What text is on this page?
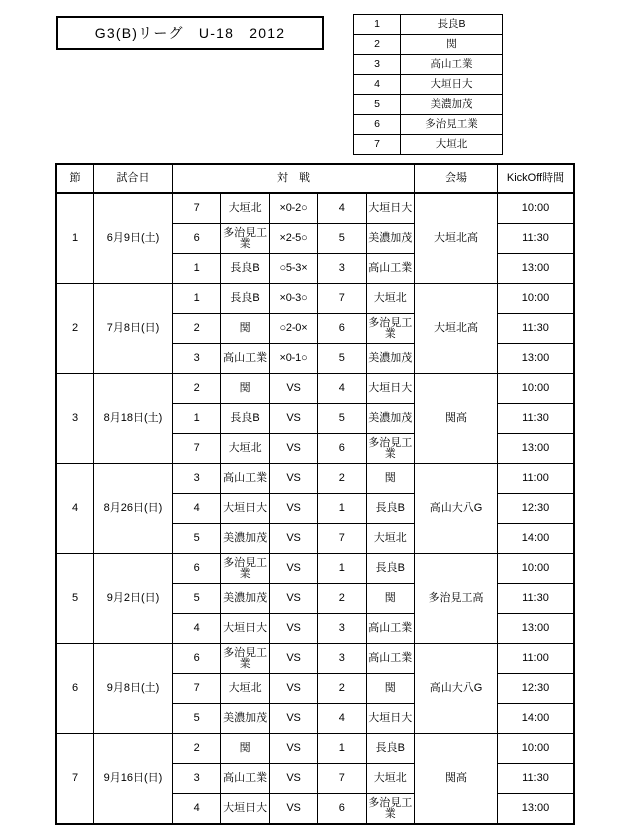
G3(B)リーグ　U-18　2012
1	長良B
2	関
3	高山工業
4	大垣日大
5	美濃加茂
6	多治見工業
7	大垣北
節	試合日	対　戦					会場	KickOff時間
1	6月9日(土)	7	大垣北	×0-2○	4	大垣日大	大垣北高	10:00
		6	多治見工業	×2-5○	5	美濃加茂		11:30
		1	長良B	○5-3×	3	高山工業		13:00
2	7月8日(日)	1	長良B	×0-3○	7	大垣北	大垣北高	10:00
		2	関	○2-0×	6	多治見工業		11:30
		3	高山工業	×0-1○	5	美濃加茂		13:00
3	8月18日(土)	2	関	VS	4	大垣日大	関高	10:00
		1	長良B	VS	5	美濃加茂		11:30
		7	大垣北	VS	6	多治見工業		13:00
4	8月26日(日)	3	高山工業	VS	2	関	高山大八G	11:00
		4	大垣日大	VS	1	長良B		12:30
		5	美濃加茂	VS	7	大垣北		14:00
5	9月2日(日)	6	多治見工業	VS	1	長良B	多治見工高	10:00
		5	美濃加茂	VS	2	関		11:30
		4	大垣日大	VS	3	高山工業		13:00
6	9月8日(土)	6	多治見工業	VS	3	高山工業	高山大八G	11:00
		7	大垣北	VS	2	関		12:30
		5	美濃加茂	VS	4	大垣日大		14:00
7	9月16日(日)	2	関	VS	1	長良B	関高	10:00
		3	高山工業	VS	7	大垣北		11:30
		4	大垣日大	VS	6	多治見工業		13:00
